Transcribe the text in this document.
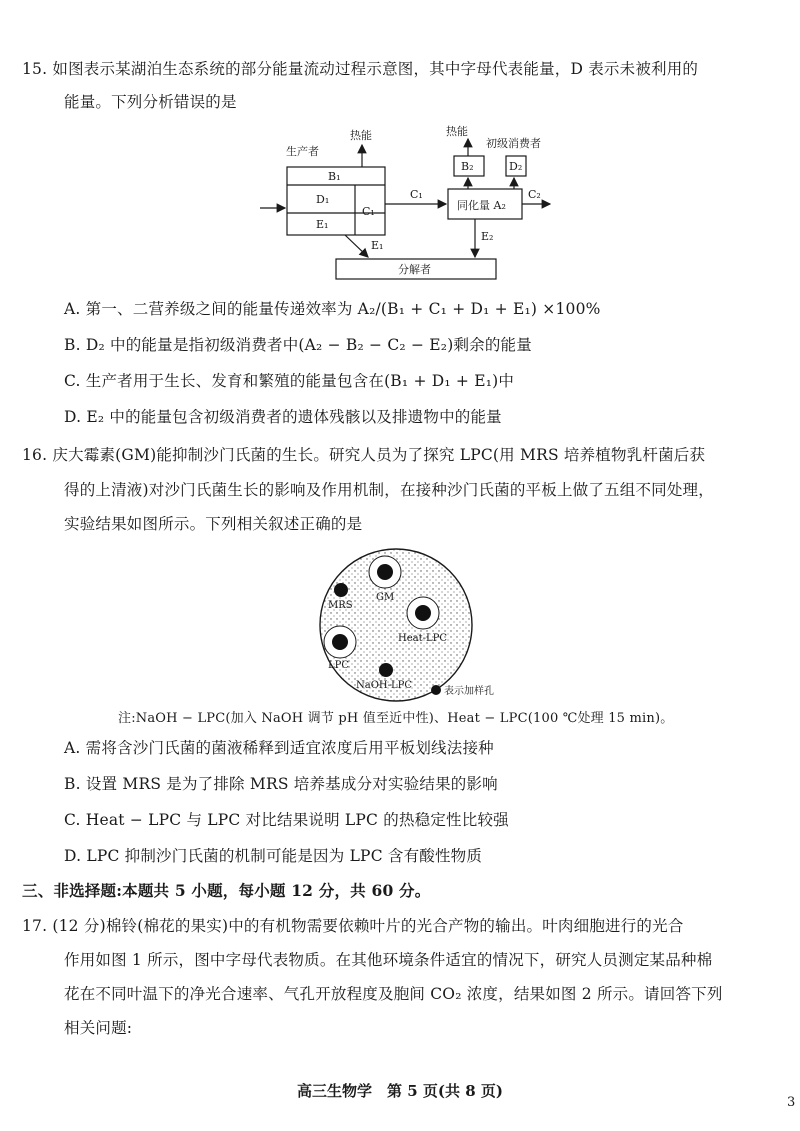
15. 如图表示某湖泊生态系统的部分能量流动过程示意图，其中字母代表能量，D 表示未被利用的
能量。下列分析错误的是
生产者
热能	热能
初级消费者
B₁
D₁
E₁
C₁
C₁	C₂
E₁
E₂
B₂	D₂
同化量 A₂
分解者
A. 第一、二营养级之间的能量传递效率为 A₂/(B₁ + C₁ + D₁ + E₁) ×100%
B. D₂ 中的能量是指初级消费者中(A₂ − B₂ − C₂ − E₂)剩余的能量
C. 生产者用于生长、发育和繁殖的能量包含在(B₁ + D₁ + E₁)中
D. E₂ 中的能量包含初级消费者的遗体残骸以及排遗物中的能量
16. 庆大霉素(GM)能抑制沙门氏菌的生长。研究人员为了探究 LPC(用 MRS 培养植物乳杆菌后获
得的上清液)对沙门氏菌生长的影响及作用机制，在接种沙门氏菌的平板上做了五组不同处理，
实验结果如图所示。下列相关叙述正确的是
MRS
GM
Heat-LPC
LPC
NaOH-LPC
表示加样孔
注:NaOH − LPC(加入 NaOH 调节 pH 值至近中性)、Heat − LPC(100 ℃处理 15 min)。
A. 需将含沙门氏菌的菌液稀释到适宜浓度后用平板划线法接种
B. 设置 MRS 是为了排除 MRS 培养基成分对实验结果的影响
C. Heat − LPC 与 LPC 对比结果说明 LPC 的热稳定性比较强
D. LPC 抑制沙门氏菌的机制可能是因为 LPC 含有酸性物质
三、非选择题:本题共 5 小题，每小题 12 分，共 60 分。
17. (12 分)棉铃(棉花的果实)中的有机物需要依赖叶片的光合产物的输出。叶肉细胞进行的光合
作用如图 1 所示，图中字母代表物质。在其他环境条件适宜的情况下，研究人员测定某品种棉
花在不同叶温下的净光合速率、气孔开放程度及胞间 CO₂ 浓度，结果如图 2 所示。请回答下列
相关问题:
高三生物学　第 5 页(共 8 页)
3
